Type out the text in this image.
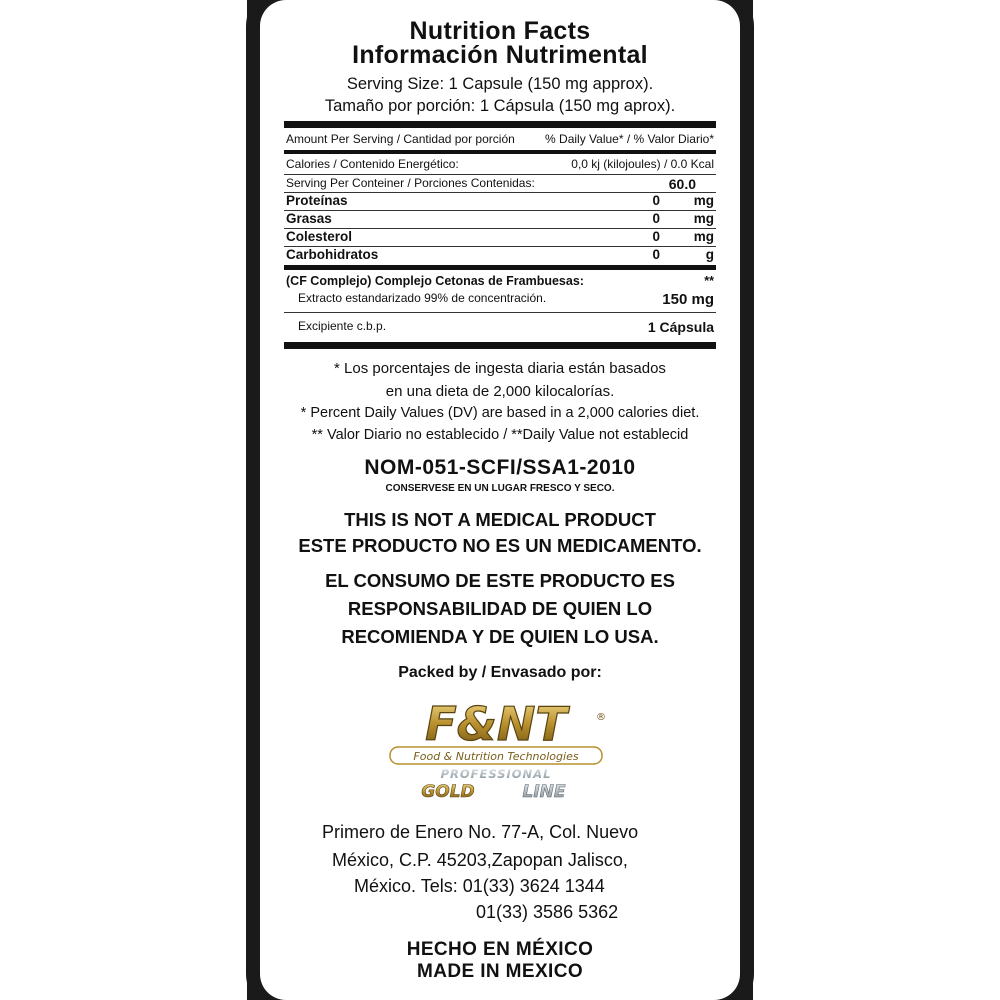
Nutrition Facts
Información Nutrimental
Serving Size: 1 Capsule (150 mg approx).
Tamaño por porción: 1 Cápsula (150 mg aprox).
Amount Per Serving / Cantidad por porción	% Daily Value* / % Valor Diario*
Calories / Contenido Energético:	0,0 kj (kilojoules) / 0.0 Kcal
Serving Per Conteiner / Porciones Contenidas:	60.0
Proteínas	0	mg
Grasas	0	mg
Colesterol	0	mg
Carbohidratos	0	g
(CF Complejo) Complejo Cetonas de Frambuesas:	**
Extracto estandarizado 99% de concentración.	150 mg
Excipiente c.b.p.	1 Cápsula
* Los porcentajes de ingesta diaria están basados
en una dieta de 2,000 kilocalorías.
* Percent Daily Values (DV) are based in a 2,000 calories diet.
** Valor Diario no establecido / **Daily Value not establecid
NOM-051-SCFI/SSA1-2010
CONSERVESE EN UN LUGAR FRESCO Y SECO.
THIS IS NOT A MEDICAL PRODUCT
ESTE PRODUCTO NO ES UN MEDICAMENTO.
EL CONSUMO DE ESTE PRODUCTO ES
RESPONSABILIDAD DE QUIEN LO
RECOMIENDA Y DE QUIEN LO USA.
Packed by / Envasado por:
F&NT	®
Food & Nutrition Technologies
PROFESSIONAL
GOLD	LINE
Primero de Enero No. 77-A, Col. Nuevo
México, C.P. 45203,Zapopan Jalisco,
México. Tels: 01(33) 3624 1344
01(33) 3586 5362
HECHO EN MÉXICO
MADE IN MEXICO
